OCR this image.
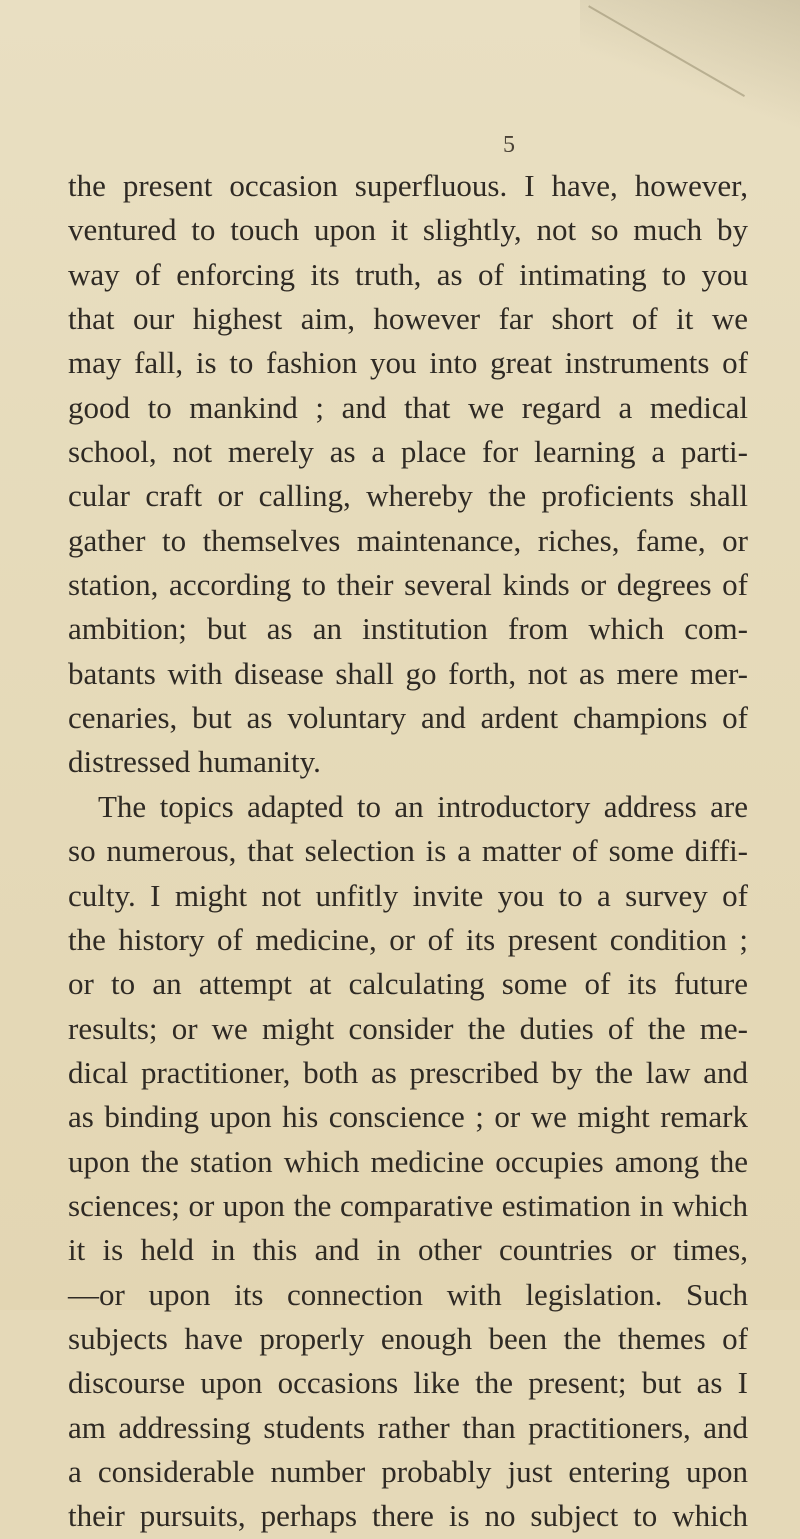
5
the present occasion superfluous. I have, however,
ventured to touch upon it slightly, not so much by
way of enforcing its truth, as of intimating to you
that our highest aim, however far short of it we
may fall, is to fashion you into great instruments of
good to mankind ; and that we regard a medical
school, not merely as a place for learning a parti-
cular craft or calling, whereby the proficients shall
gather to themselves maintenance, riches, fame, or
station, according to their several kinds or degrees of
ambition; but as an institution from which com-
batants with disease shall go forth, not as mere mer-
cenaries, but as voluntary and ardent champions of
distressed humanity.
The topics adapted to an introductory address are
so numerous, that selection is a matter of some diffi-
culty. I might not unfitly invite you to a survey of
the history of medicine, or of its present condition ;
or to an attempt at calculating some of its future
results; or we might consider the duties of the me-
dical practitioner, both as prescribed by the law and
as binding upon his conscience ; or we might remark
upon the station which medicine occupies among the
sciences; or upon the comparative estimation in which
it is held in this and in other countries or times,
—or upon its connection with legislation. Such
subjects have properly enough been the themes of
discourse upon occasions like the present; but as I
am addressing students rather than practitioners, and
a considerable number probably just entering upon
their pursuits, perhaps there is no subject to which
